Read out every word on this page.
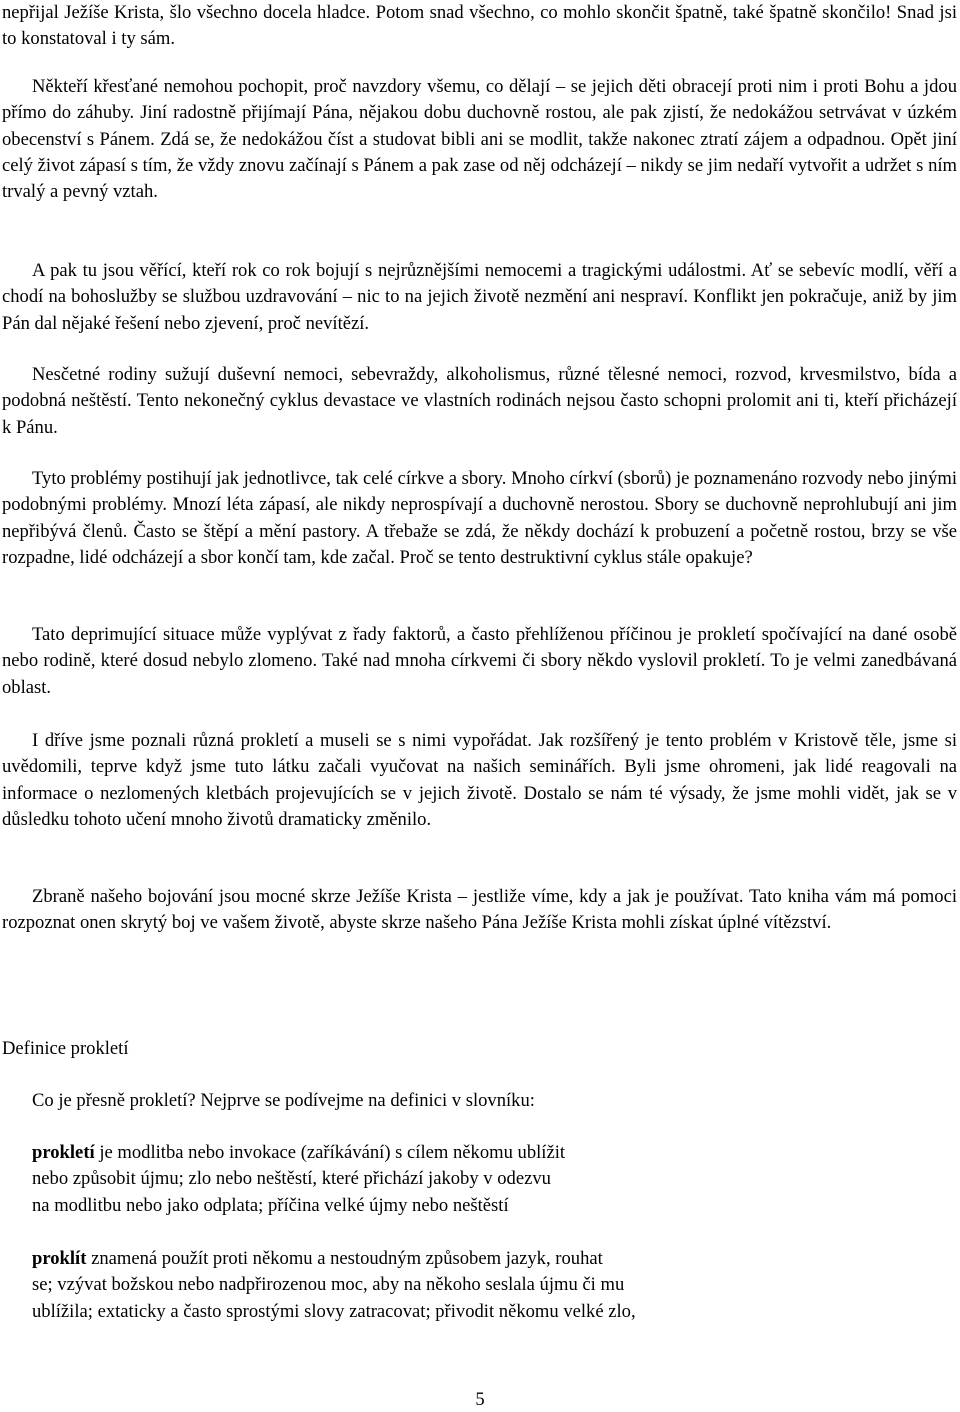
nepřijal Ježíše Krista, šlo všechno docela hladce. Potom snad všechno, co mohlo skončit špatně, také špatně skončilo! Snad jsi to konstatoval i ty sám.

Někteří křesťané nemohou pochopit, proč navzdory všemu, co dělají – se jejich děti obracejí proti nim i proti Bohu a jdou přímo do záhuby. Jiní radostně přijímají Pána, nějakou dobu duchovně rostou, ale pak zjistí, že nedokážou setrvávat v úzkém obecenství s Pánem. Zdá se, že nedokážou číst a studovat bibli ani se modlit, takže nakonec ztratí zájem a odpadnou. Opět jiní celý život zápasí s tím, že vždy znovu začínají s Pánem a pak zase od něj odcházejí – nikdy se jim nedaří vytvořit a udržet s ním trvalý a pevný vztah.

A pak tu jsou věřící, kteří rok co rok bojují s nejrůznějšími nemocemi a tragickými událostmi. Ať se sebevíc modlí, věří a chodí na bohoslužby se službou uzdravování – nic to na jejich životě nezmění ani nespraví. Konflikt jen pokračuje, aniž by jim Pán dal nějaké řešení nebo zjevení, proč nevítězí.

Nesčetné rodiny sužují duševní nemoci, sebevraždy, alkoholismus, různé tělesné nemoci, rozvod, krvesmilstvo, bída a podobná neštěstí. Tento nekonečný cyklus devastace ve vlastních rodinách nejsou často schopni prolomit ani ti, kteří přicházejí k Pánu.

Tyto problémy postihují jak jednotlivce, tak celé církve a sbory. Mnoho církví (sborů) je poznamenáno rozvody nebo jinými podobnými problémy. Mnozí léta zápasí, ale nikdy neprospívají a duchovně nerostou. Sbory se duchovně neprohlubují ani jim nepřibývá členů. Často se štěpí a mění pastory. A třebaže se zdá, že někdy dochází k probuzení a početně rostou, brzy se vše rozpadne, lidé odcházejí a sbor končí tam, kde začal. Proč se tento destruktivní cyklus stále opakuje?

Tato deprimující situace může vyplývat z řady faktorů, a často přehlíženou příčinou je prokletí spočívající na dané osobě nebo rodině, které dosud nebylo zlomeno. Také nad mnoha církvemi či sbory někdo vyslovil prokletí. To je velmi zanedbávaná oblast.

I dříve jsme poznali různá prokletí a museli se s nimi vypořádat. Jak rozšířený je tento problém v Kristově těle, jsme si uvědomili, teprve když jsme tuto látku začali vyučovat na našich seminářích. Byli jsme ohromeni, jak lidé reagovali na informace o nezlomených kletbách projevujících se v jejich životě. Dostalo se nám té výsady, že jsme mohli vidět, jak se v důsledku tohoto učení mnoho životů dramaticky změnilo.

Zbraně našeho bojování jsou mocné skrze Ježíše Krista – jestliže víme, kdy a jak je používat. Tato kniha vám má pomoci rozpoznat onen skrytý boj ve vašem životě, abyste skrze našeho Pána Ježíše Krista mohli získat úplné vítězství.

Definice prokletí

Co je přesně prokletí? Nejprve se podívejme na definici v slovníku:

prokletí je modlitba nebo invokace (zaříkávání) s cílem někomu ublížit
nebo způsobit újmu; zlo nebo neštěstí, které přichází jakoby v odezvu
na modlitbu nebo jako odplata; příčina velké újmy nebo neštěstí
proklít znamená použít proti někomu a nestoudným způsobem jazyk, rouhat
se; vzývat božskou nebo nadpřirozenou moc, aby na někoho seslala újmu či mu
ublížila; extaticky a často sprostými slovy zatracovat; přivodit někomu velké zlo,
5
